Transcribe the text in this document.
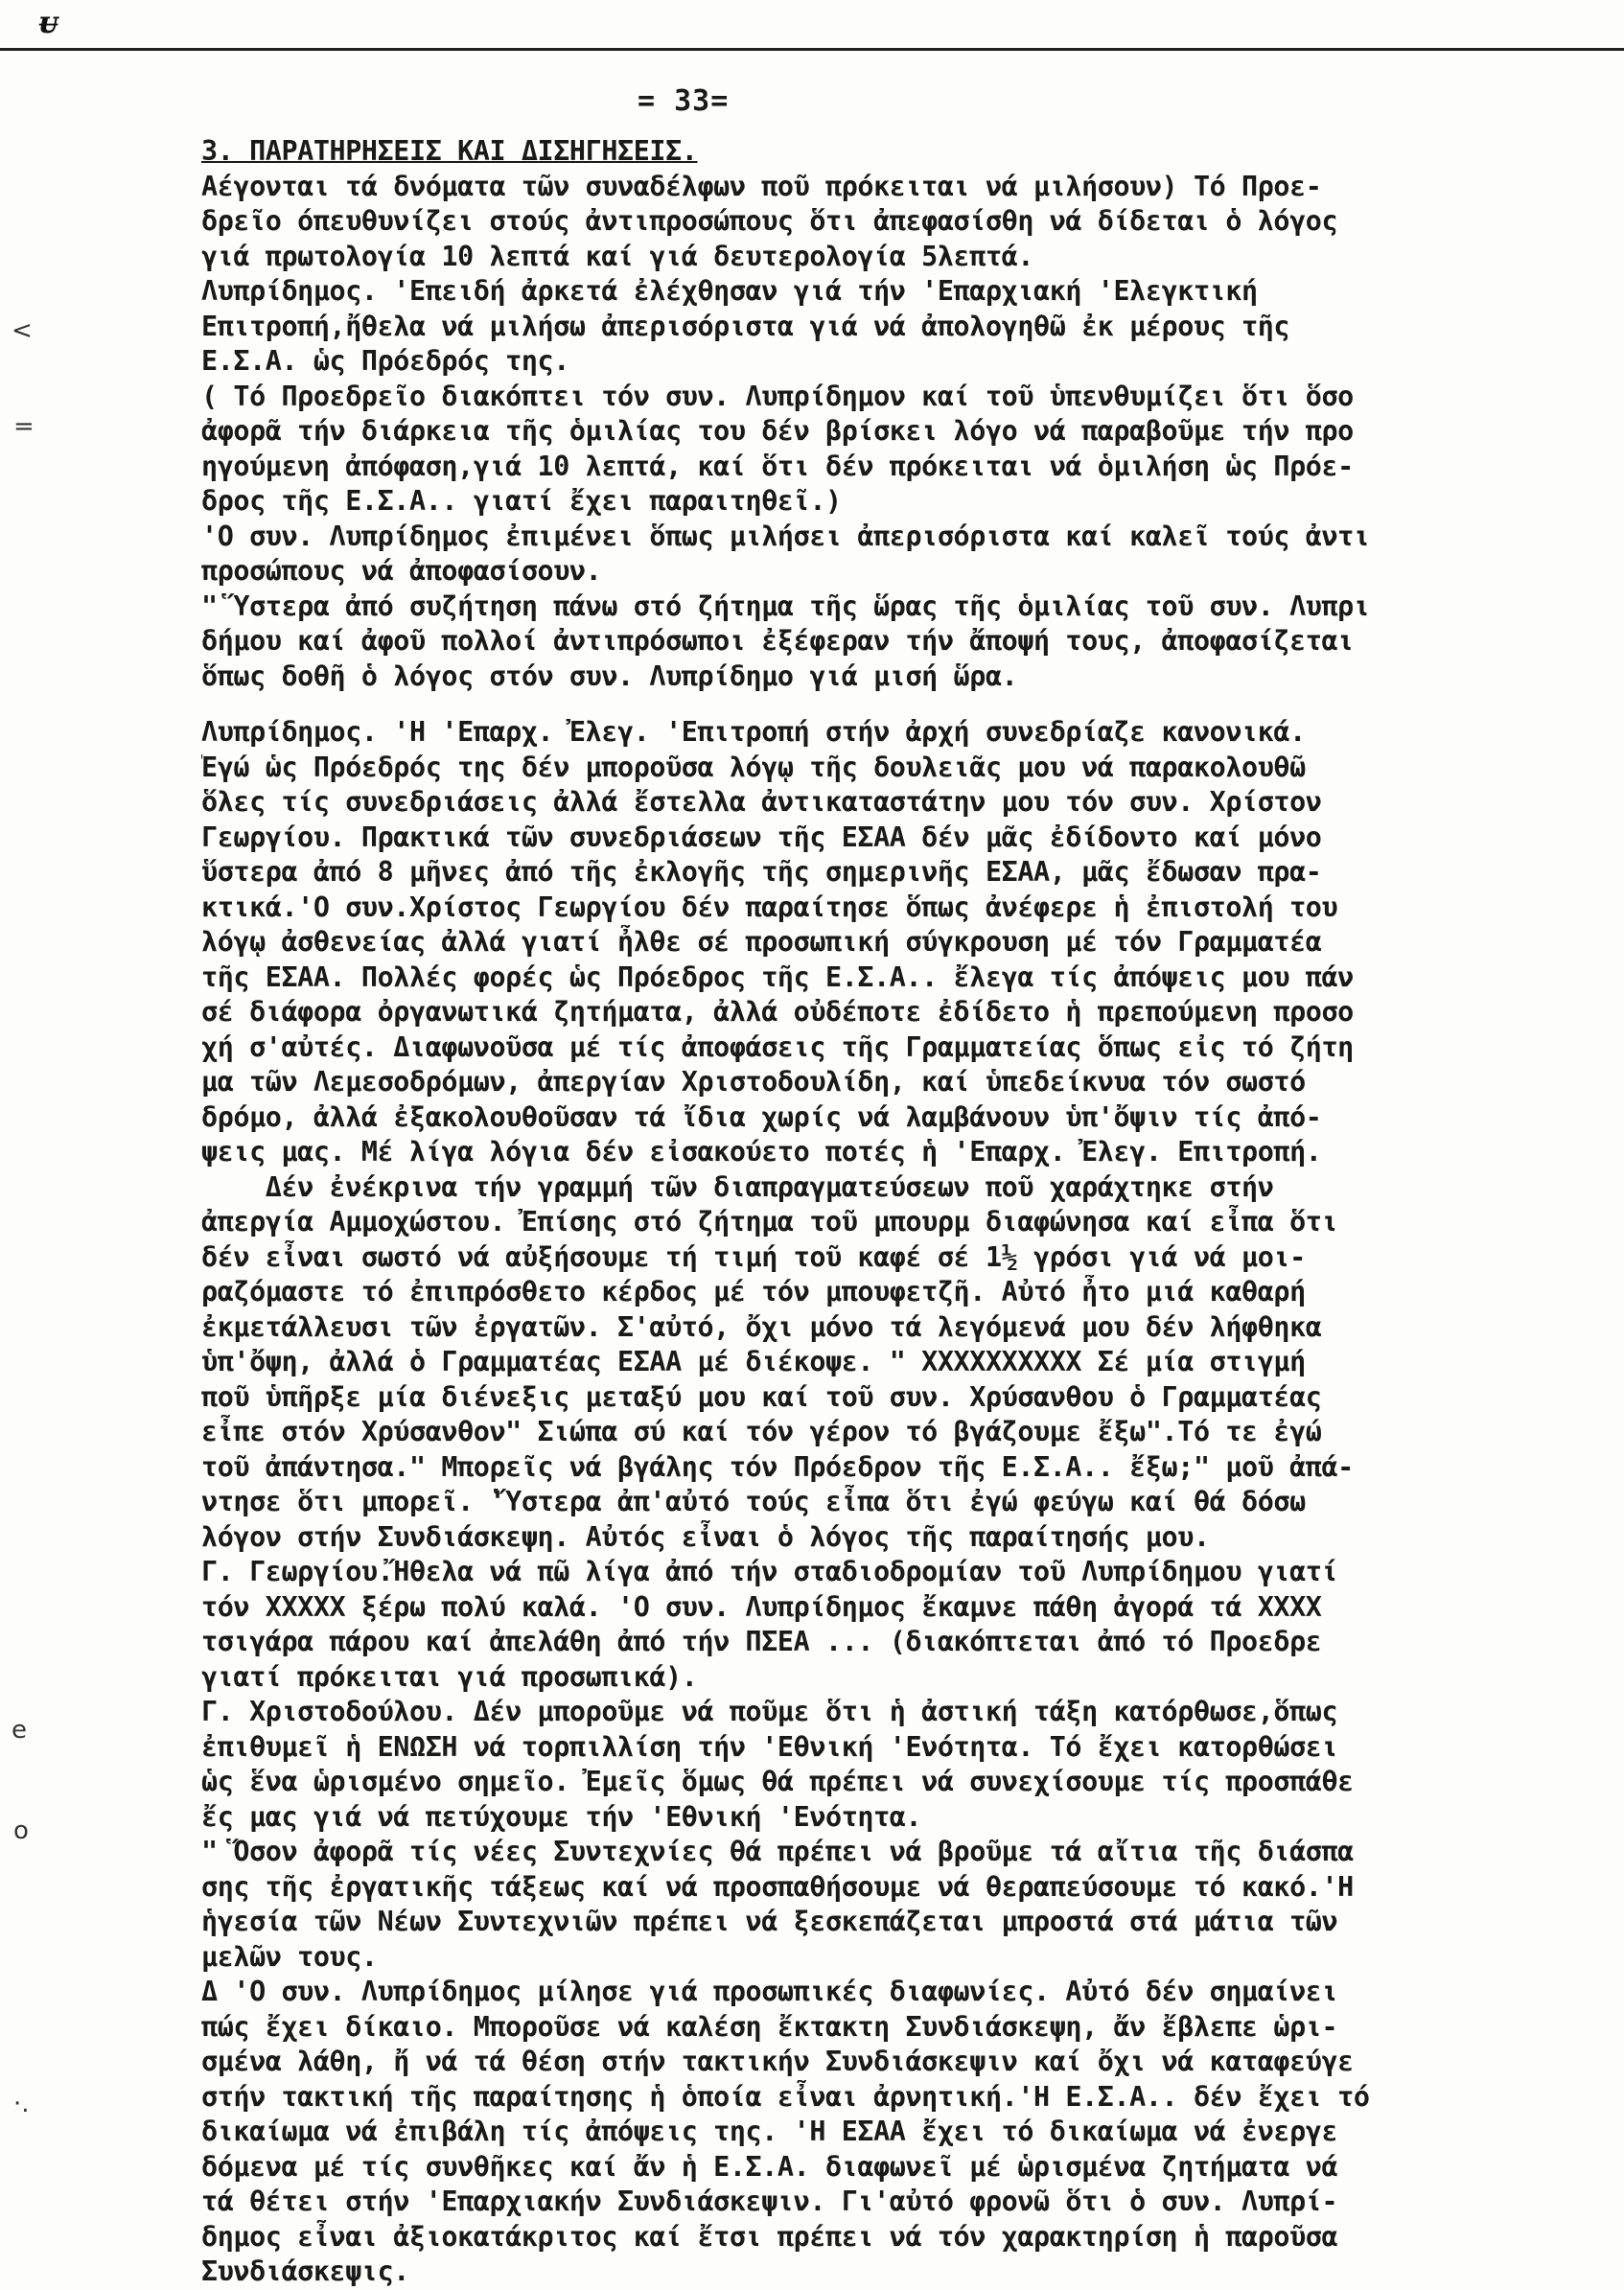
ᵾ
= 33=
<
=
e
o
·.
3. ΠΑΡΑΤΗΡΗΣΕΙΣ ΚΑΙ ΔΙΣΗΓΗΣΕΙΣ.
Αέγονται τά δνόματα τῶν συναδέλφων ποῦ πρόκειται νά μιλήσουν) Τό Προε-
δρεῖο όπευθυνίζει στούς ἀντιπροσώπους ὅτι ἀπεφασίσθη νά δίδεται ὁ λόγος
γιά πρωτολογία 10 λεπτά καί γιά δευτερολογία 5λεπτά.
Λυπρίδημος. 'Επειδή ἀρκετά ἐλέχθησαν γιά τήν 'Επαρχιακή 'Ελεγκτική
Επιτροπή,ἤθελα νά μιλήσω ἀπερισόριστα γιά νά ἀπολογηθῶ ἐκ μέρους τῆς
Ε.Σ.Α. ὡς Πρόεδρός της.
( Τό Προεδρεῖο διακόπτει τόν συν. Λυπρίδημον καί τοῦ ὑπενθυμίζει ὅτι ὅσο
ἀφορᾶ τήν διάρκεια τῆς ὁμιλίας του δέν βρίσκει λόγο νά παραβοῦμε τήν προ
ηγούμενη ἀπόφαση,γιά 10 λεπτά, καί ὅτι δέν πρόκειται νά ὁμιλήση ὡς Πρόε-
δρος τῆς Ε.Σ.Α.. γιατί ἔχει παραιτηθεῖ.)
'Ο συν. Λυπρίδημος ἐπιμένει ὅπως μιλήσει ἀπερισόριστα καί καλεῖ τούς ἀντι
προσώπους νά ἀποφασίσουν.
" Ὕστερα ἀπό συζήτηση πάνω στό ζήτημα τῆς ὥρας τῆς ὁμιλίας τοῦ συν. Λυπρι
δήμου καί ἀφοῦ πολλοί ἀντιπρόσωποι ἐξέφεραν τήν ἄποψή τους, ἀποφασίζεται
ὅπως δοθῆ ὁ λόγος στόν συν. Λυπρίδημο γιά μισή ὥρα.
Λυπρίδημος. 'Η 'Επαρχ. Ἐλεγ. 'Επιτροπή στήν ἀρχή συνεδρίαζε κανονικά.
Ἐγώ ὡς Πρόεδρός της δέν μποροῦσα λόγῳ τῆς δουλειᾶς μου νά παρακολουθῶ
ὅλες τίς συνεδριάσεις ἀλλά ἔστελλα ἀντικαταστάτην μου τόν συν. Χρίστον
Γεωργίου. Πρακτικά τῶν συνεδριάσεων τῆς ΕΣΑΑ δέν μᾶς ἐδίδοντο καί μόνο
ὕστερα ἀπό 8 μῆνες ἀπό τῆς ἐκλογῆς τῆς σημερινῆς ΕΣΑΑ, μᾶς ἔδωσαν πρα-
κτικά.'Ο συν.Χρίστος Γεωργίου δέν παραίτησε ὅπως ἀνέφερε ἡ ἐπιστολή του
λόγῳ ἀσθενείας ἀλλά γιατί ἦλθε σέ προσωπική σύγκρουση μέ τόν Γραμματέα
τῆς ΕΣΑΑ. Πολλές φορές ὡς Πρόεδρος τῆς Ε.Σ.Α.. ἔλεγα τίς ἀπόψεις μου πάν
σέ διάφορα ὀργανωτικά ζητήματα, ἀλλά οὐδέποτε ἐδίδετο ἡ πρεπούμενη προσο
χή σ'αὐτές. Διαφωνοῦσα μέ τίς ἀποφάσεις τῆς Γραμματείας ὅπως εἰς τό ζήτη
μα τῶν Λεμεσοδρόμων, ἀπεργίαν Χριστοδουλίδη, καί ὑπεδείκνυα τόν σωστό
δρόμο, ἀλλά ἐξακολουθοῦσαν τά ἴδια χωρίς νά λαμβάνουν ὑπ'ὄψιν τίς ἀπό-
ψεις μας. Μέ λίγα λόγια δέν εἰσακούετο ποτές ἡ 'Επαρχ. Ἐλεγ. Επιτροπή.
Δέν ἐνέκρινα τήν γραμμή τῶν διαπραγματεύσεων ποῦ χαράχτηκε στήν
ἀπεργία Αμμοχώστου. Ἐπίσης στό ζήτημα τοῦ μπουρμ διαφώνησα καί εἶπα ὅτι
δέν εἶναι σωστό νά αὐξήσουμε τή τιμή τοῦ καφέ σέ 1½ γρόσι γιά νά μοι-
ραζόμαστε τό ἐπιπρόσθετο κέρδος μέ τόν μπουφετζῆ. Αὐτό ἦτο μιά καθαρή
ἐκμετάλλευσι τῶν ἐργατῶν. Σ'αὐτό, ὄχι μόνο τά λεγόμενά μου δέν λήφθηκα
ὑπ'ὄψη, ἀλλά ὁ Γραμματέας ΕΣΑΑ μέ διέκοψε. " ΧΧΧΧΧΧΧΧΧΧ Σέ μία στιγμή
ποῦ ὑπῆρξε μία διένεξις μεταξύ μου καί τοῦ συν. Χρύσανθου ὁ Γραμματέας
εἶπε στόν Χρύσανθον" Σιώπα σύ καί τόν γέρον τό βγάζουμε ἔξω".Τό τε ἐγώ
τοῦ ἀπάντησα." Μπορεῖς νά βγάλης τόν Πρόεδρον τῆς Ε.Σ.Α.. ἔξω;" μοῦ ἀπά-
ντησε ὅτι μπορεῖ. 'Ὕστερα ἀπ'αὐτό τούς εἶπα ὅτι ἐγώ φεύγω καί θά δόσω
λόγον στήν Συνδιάσκεψη. Αὐτός εἶναι ὁ λόγος τῆς παραίτησής μου.
Γ. Γεωργίου.Ἤθελα νά πῶ λίγα ἀπό τήν σταδιοδρομίαν τοῦ Λυπρίδημου γιατί
τόν ΧΧΧΧΧ ξέρω πολύ καλά. 'Ο συν. Λυπρίδημος ἔκαμνε πάθη ἀγορά τά ΧΧΧΧ
τσιγάρα πάρου καί ἀπελάθη ἀπό τήν ΠΣΕΑ ... (διακόπτεται ἀπό τό Προεδρε
γιατί πρόκειται γιά προσωπικά).
Γ. Χριστοδούλου. Δέν μποροῦμε νά ποῦμε ὅτι ἡ ἀστική τάξη κατόρθωσε,ὅπως
ἐπιθυμεῖ ἡ ΕΝΩΣΗ νά τορπιλλίση τήν 'Εθνική 'Ενότητα. Τό ἔχει κατορθώσει
ὡς ἕνα ὡρισμένο σημεῖο. Ἐμεῖς ὅμως θά πρέπει νά συνεχίσουμε τίς προσπάθε
ἔς μας γιά νά πετύχουμε τήν 'Εθνική 'Ενότητα.
" Ὅσον ἀφορᾶ τίς νέες Συντεχνίες θά πρέπει νά βροῦμε τά αἴτια τῆς διάσπα
σης τῆς ἐργατικῆς τάξεως καί νά προσπαθήσουμε νά θεραπεύσουμε τό κακό.'Η
ἡγεσία τῶν Νέων Συντεχνιῶν πρέπει νά ξεσκεπάζεται μπροστά στά μάτια τῶν
μελῶν τους.
Δ 'Ο συν. Λυπρίδημος μίλησε γιά προσωπικές διαφωνίες. Αὐτό δέν σημαίνει
πώς ἔχει δίκαιο. Μποροῦσε νά καλέση ἔκτακτη Συνδιάσκεψη, ἄν ἔβλεπε ὡρι-
σμένα λάθη, ἤ νά τά θέση στήν τακτικήν Συνδιάσκεψιν καί ὄχι νά καταφεύγε
στήν τακτική τῆς παραίτησης ἡ ὁποία εἶναι ἀρνητική.'Η Ε.Σ.Α.. δέν ἔχει τό
δικαίωμα νά ἐπιβάλη τίς ἀπόψεις της. 'Η ΕΣΑΑ ἔχει τό δικαίωμα νά ἐνεργε
δόμενα μέ τίς συνθῆκες καί ἄν ἡ Ε.Σ.Α. διαφωνεῖ μέ ὡρισμένα ζητήματα νά
τά θέτει στήν 'Επαρχιακήν Συνδιάσκεψιν. Γι'αὐτό φρονῶ ὅτι ὁ συν. Λυπρί-
δημος εἶναι ἀξιοκατάκριτος καί ἔτσι πρέπει νά τόν χαρακτηρίση ἡ παροῦσα
Συνδιάσκεψις.
